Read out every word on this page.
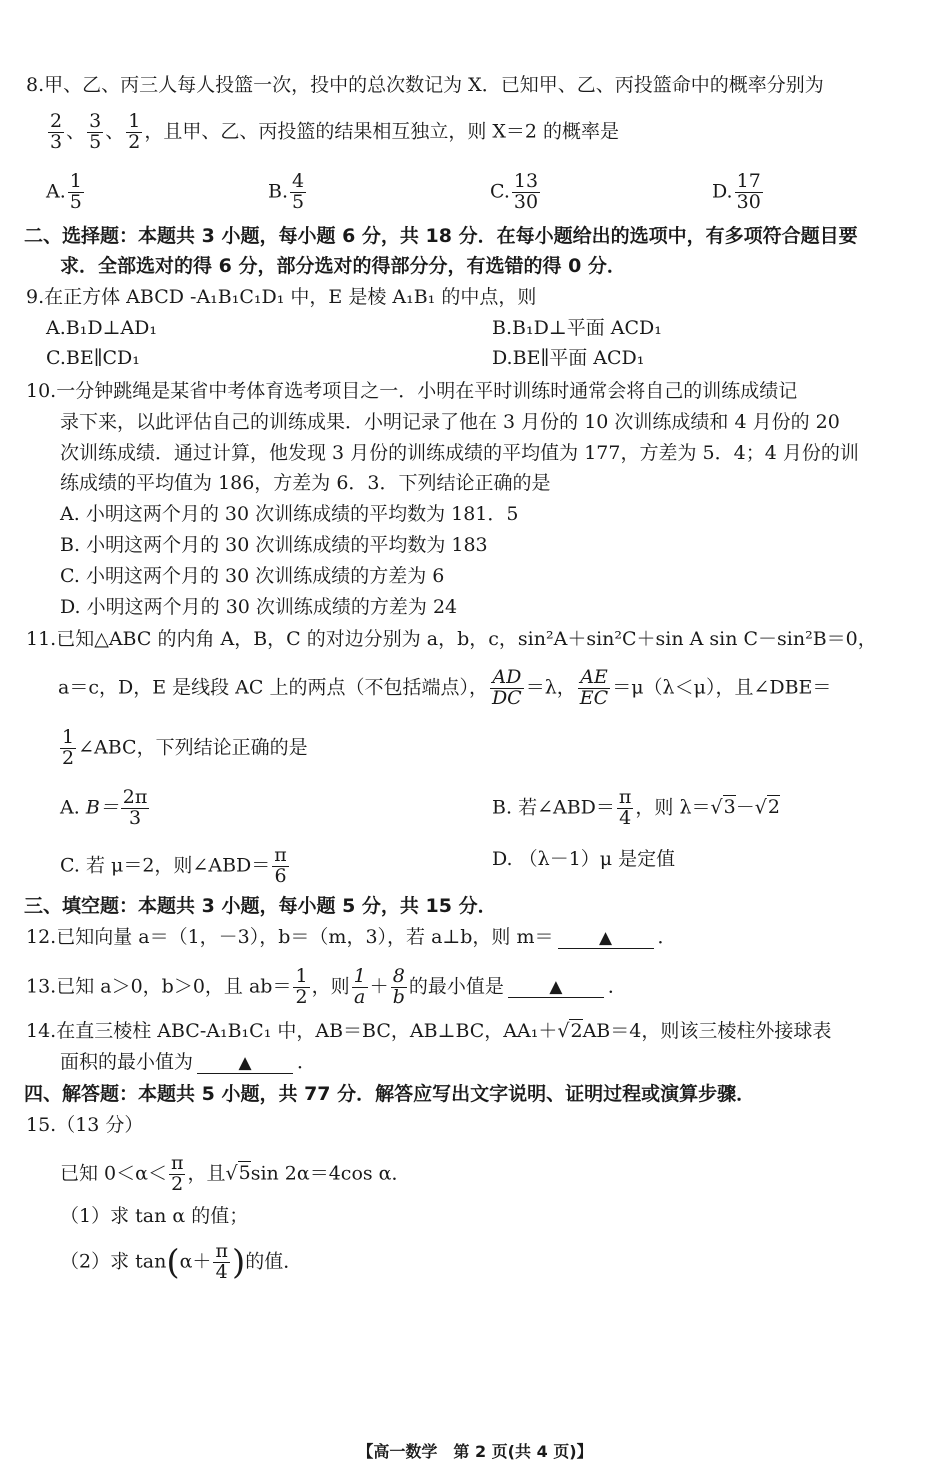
8.甲、乙、丙三人每人投篮一次，投中的总次数记为 X．已知甲、乙、丙投篮命中的概率分别为
$\frac{2}{3}$ 、 $\frac{3}{5}$ 、 $\frac{1}{2}$ ，且甲、乙、丙投篮的结果相互独立，则 X＝2 的概率是
A. $\frac{1}{5}$	B. $\frac{4}{5}$	C. $\frac{13}{30}$	D. $\frac{17}{30}$
二、选择题：本题共 3 小题，每小题 6 分，共 18 分．在每小题给出的选项中，有多项符合题目要
求．全部选对的得 6 分，部分选对的得部分分，有选错的得 0 分．
9.在正方体 ABCD -A₁B₁C₁D₁ 中，E 是棱 A₁B₁ 的中点，则
A.B₁D⊥AD₁	B.B₁D⊥平面 ACD₁
C.BE∥CD₁	D.BE∥平面 ACD₁
10.一分钟跳绳是某省中考体育选考项目之一．小明在平时训练时通常会将自己的训练成绩记
录下来，以此评估自己的训练成果．小明记录了他在 3 月份的 10 次训练成绩和 4 月份的 20
次训练成绩．通过计算，他发现 3 月份的训练成绩的平均值为 177，方差为 5．4；4 月份的训
练成绩的平均值为 186，方差为 6．3．下列结论正确的是
A. 小明这两个月的 30 次训练成绩的平均数为 181．5
B. 小明这两个月的 30 次训练成绩的平均数为 183
C. 小明这两个月的 30 次训练成绩的方差为 6
D. 小明这两个月的 30 次训练成绩的方差为 24
11.已知△ABC 的内角 A，B，C 的对边分别为 a，b，c，sin²A＋sin²C＋sin A sin C－sin²B＝0，
a＝c，D，E 是线段 AC 上的两点（不包括端点）， $\frac{AD}{DC} =\lambda$， $\frac{AE}{EC} =\mu(\lambda<\mu)$，且∠DBE＝
$\frac{1}{2}$ ∠ABC，下列结论正确的是
A. $B= \frac{2\pi}{3}$	B. 若∠ABD＝ $\frac{\pi}{4}$ ，则 λ＝√3－√2
C. 若 μ＝2，则∠ABD＝ $\frac{\pi}{6}$	D. （λ－1）μ 是定值
三、填空题：本题共 3 小题，每小题 5 分，共 15 分．
12.已知向量 a＝（1，－3），b＝（m，3），若 a⊥b，则 m＝	▲ ．
13.已知 a＞0，b＞0，且 $ab= \frac{1}{2}$ ，则 $\frac{1}{a} + \frac{8}{b}$ 的最小值是	▲ ．
14.在直三棱柱 ABC-A₁B₁C₁ 中，AB＝BC，AB⊥BC，AA₁＋√2AB＝4，则该三棱柱外接球表
面积的最小值为	▲ ．
四、解答题：本题共 5 小题，共 77 分．解答应写出文字说明、证明过程或演算步骤．
15.（13 分）
已知 $0<\alpha< \frac{\pi}{2}$ ，且√5sin 2α＝4cos α．
（1）求 tan α 的值；
（2）求 $\tan(\alpha+ \frac{\pi}{4}$ )的值．
【高一数学　第 2 页(共 4 页)】
